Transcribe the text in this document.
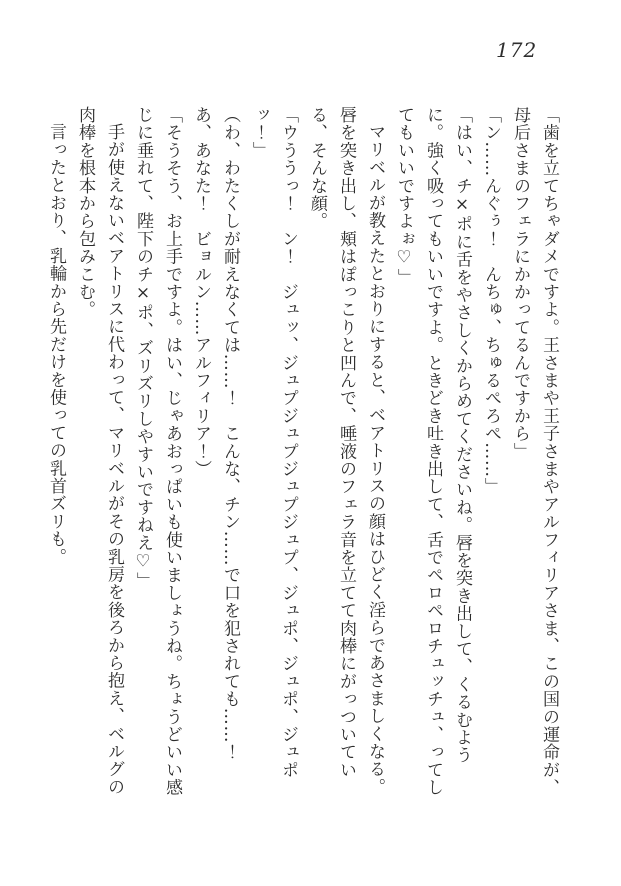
172

「歯を立てちゃダメですよ。王さまや王子さまやアルフィリアさま、この国の運命が、母后さまのフェラにかかってるんですから」

「ン……んぐぅ！　んちゅ、ちゅるぺろぺ……」

「はい、チ×ポに舌をやさしくからめてくださいね。唇を突き出して、くるむように。強く吸ってもいいですよ。ときどき吐き出して、舌でペロペロチュッチュ、ってしてもいいですよぉ♡」

マリベルが教えたとおりにすると、ベアトリスの顔はひどく淫らであさましくなる。唇を突き出し、頬はぽっこりと凹んで、唾液のフェラ音を立てて肉棒にがっついている、そんな顔。

「ウううっ！　ン！　ジュッ、ジュプジュプジュプジュプ、ジュポ、ジュポ、ジュポッ！」

（わ、わたくしが耐えなくては……！　こんな、チン……で口を犯されても……！　あ、あなた！　ビョルン……アルフィリア！）

「そうそう、お上手ですよ。はい、じゃあおっぱいも使いましょうね。ちょうどいい感じに垂れて、陛下のチ×ポ、ズリズリしやすいですねえ♡」

手が使えないベアトリスに代わって、マリベルがその乳房を後ろから抱え、ベルグの肉棒を根本から包みこむ。

言ったとおり、乳輪から先だけを使っての乳首ズリも。
